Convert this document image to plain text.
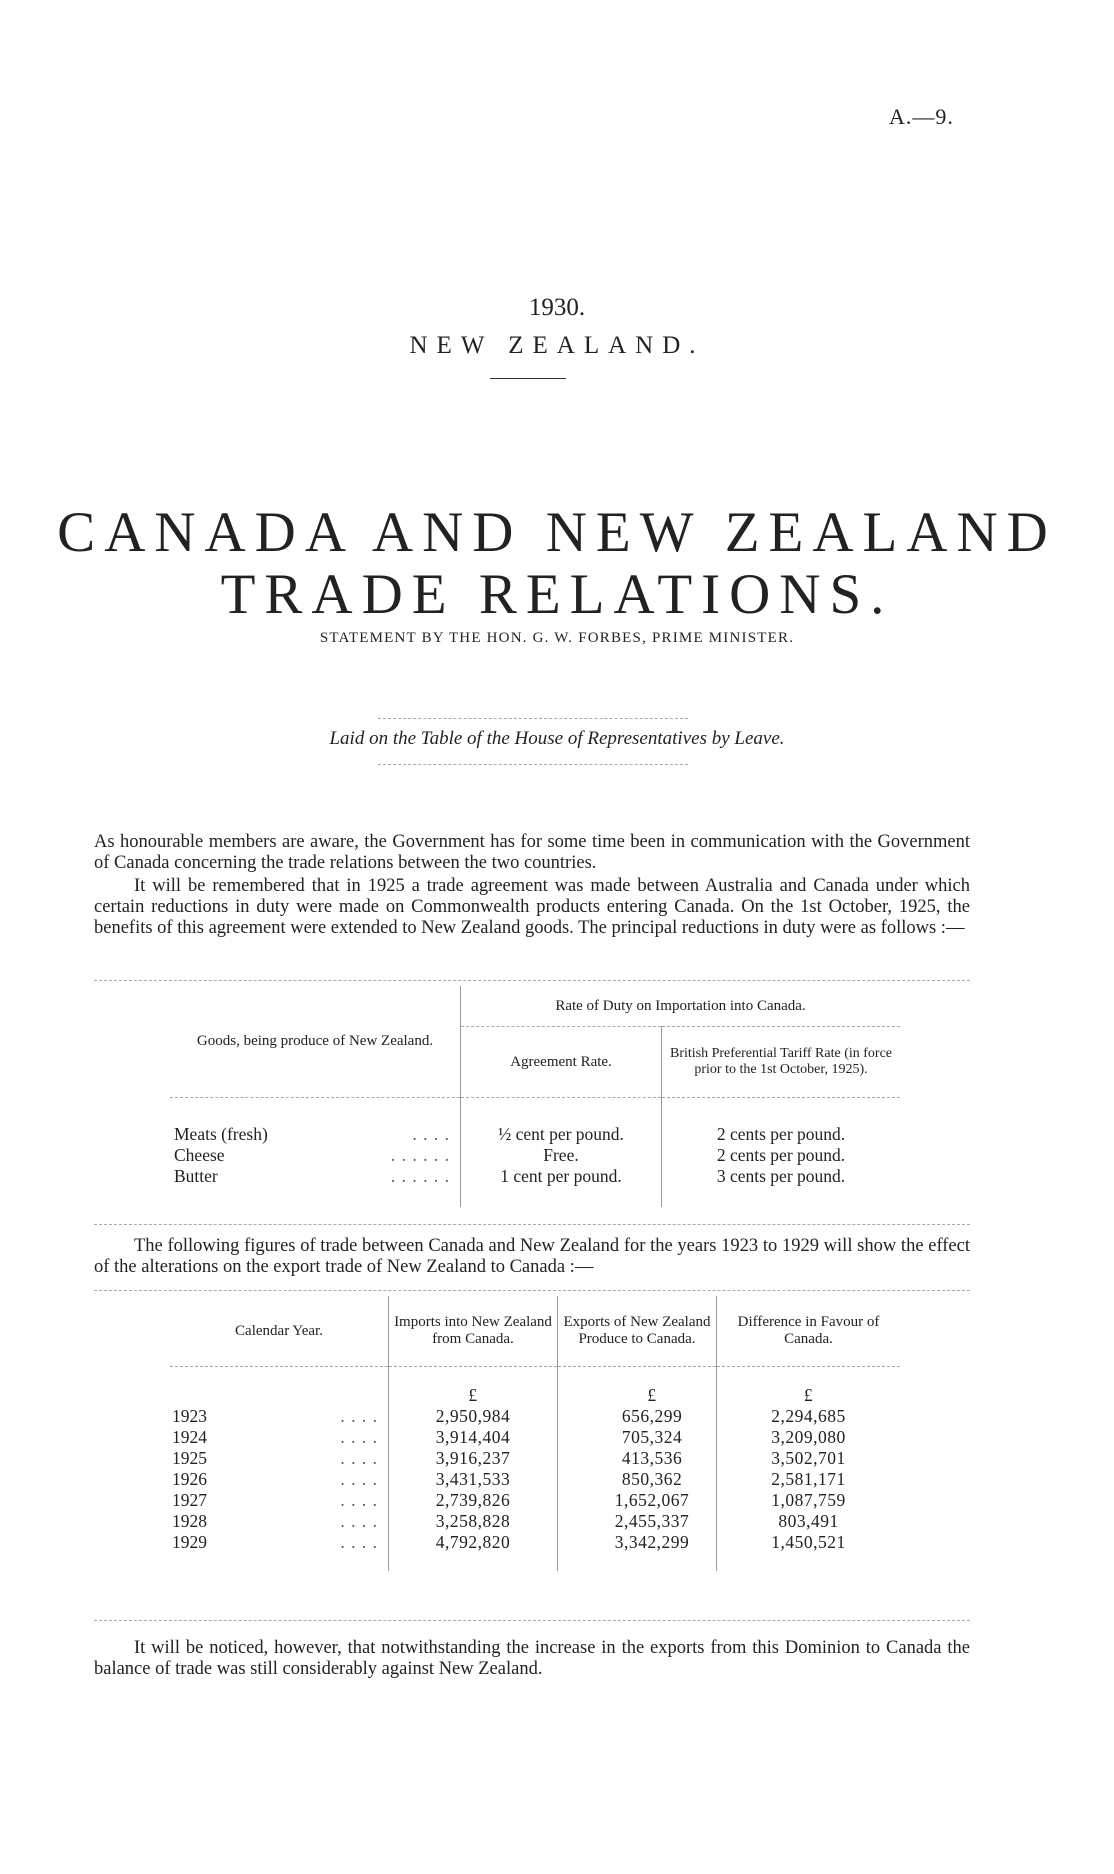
A.—9.
1930.
NEW ZEALAND.
CANADA AND NEW ZEALAND
TRADE RELATIONS.
STATEMENT BY THE HON. G. W. FORBES, PRIME MINISTER.
Laid on the Table of the House of Representatives by Leave.

As honourable members are aware, the Government has for some time been in communication with the Government of Canada concerning the trade relations between the two countries.

It will be remembered that in 1925 a trade agreement was made between Australia and Canada under which certain reductions in duty were made on Commonwealth products entering Canada. On the 1st October, 1925, the benefits of this agreement were extended to New Zealand goods. The principal reductions in duty were as follows :—

Goods, being produce of New Zealand.	Rate of Duty on Importation into Canada.	
	Agreement Rate.	British Preferential Tariff Rate (in force prior to the 1st October, 1925).

Meats (fresh) . . . .	½ cent per pound.	2 cents per pound.
Cheese . . . . . .	Free.	2 cents per pound.
Butter . . . . . .	1 cent per pound.	3 cents per pound.

The following figures of trade between Canada and New Zealand for the years 1923 to 1929 will show the effect of the alterations on the export trade of New Zealand to Canada :—

Calendar Year.	Imports into New Zealand from Canada.	Exports of New Zealand Produce to Canada.	Difference in Favour of Canada.

	£	£	£
1923 . . . .	2,950,984	656,299	2,294,685
1924 . . . .	3,914,404	705,324	3,209,080
1925 . . . .	3,916,237	413,536	3,502,701
1926 . . . .	3,431,533	850,362	2,581,171
1927 . . . .	2,739,826	1,652,067	1,087,759
1928 . . . .	3,258,828	2,455,337	803,491
1929 . . . .	4,792,820	3,342,299	1,450,521

It will be noticed, however, that notwithstanding the increase in the exports from this Dominion to Canada the balance of trade was still considerably against New Zealand.
